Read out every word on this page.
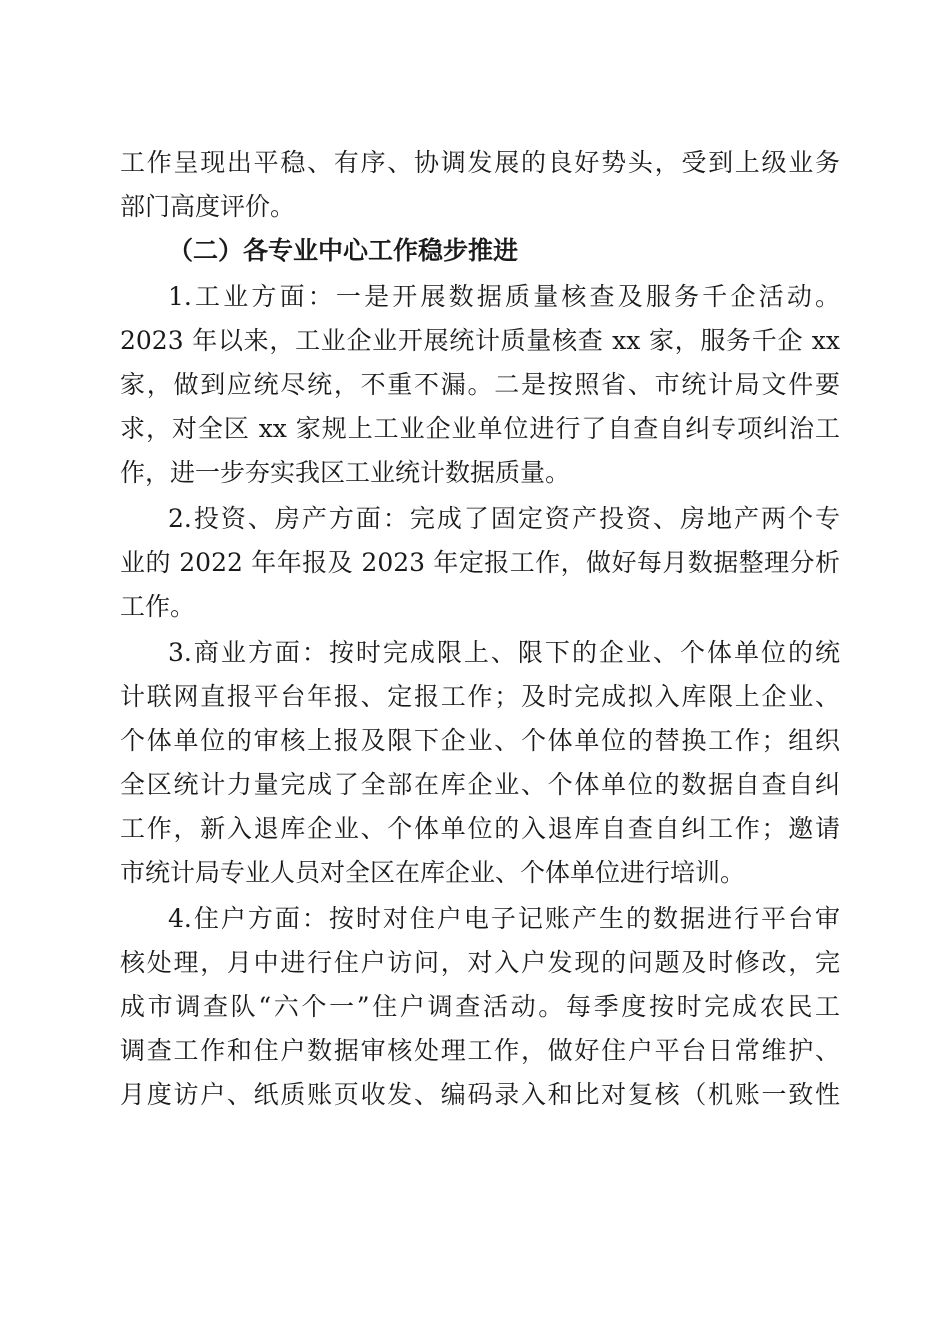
工作呈现出平稳、有序、协调发展的良好势头，受到上级业务
部门高度评价。
（二）各专业中心工作稳步推进
1.工业方面：一是开展数据质量核查及服务千企活动。
2023 年以来，工业企业开展统计质量核查 xx 家，服务千企 xx
家，做到应统尽统，不重不漏。二是按照省、市统计局文件要
求，对全区 xx 家规上工业企业单位进行了自查自纠专项纠治工
作，进一步夯实我区工业统计数据质量。
2.投资、房产方面：完成了固定资产投资、房地产两个专
业的 2022 年年报及 2023 年定报工作，做好每月数据整理分析
工作。
3.商业方面：按时完成限上、限下的企业、个体单位的统
计联网直报平台年报、定报工作；及时完成拟入库限上企业、
个体单位的审核上报及限下企业、个体单位的替换工作；组织
全区统计力量完成了全部在库企业、个体单位的数据自查自纠
工作，新入退库企业、个体单位的入退库自查自纠工作；邀请
市统计局专业人员对全区在库企业、个体单位进行培训。
4.住户方面：按时对住户电子记账产生的数据进行平台审
核处理，月中进行住户访问，对入户发现的问题及时修改，完
成市调查队“六个一”住户调查活动。每季度按时完成农民工
调查工作和住户数据审核处理工作，做好住户平台日常维护、
月度访户、纸质账页收发、编码录入和比对复核（机账一致性
